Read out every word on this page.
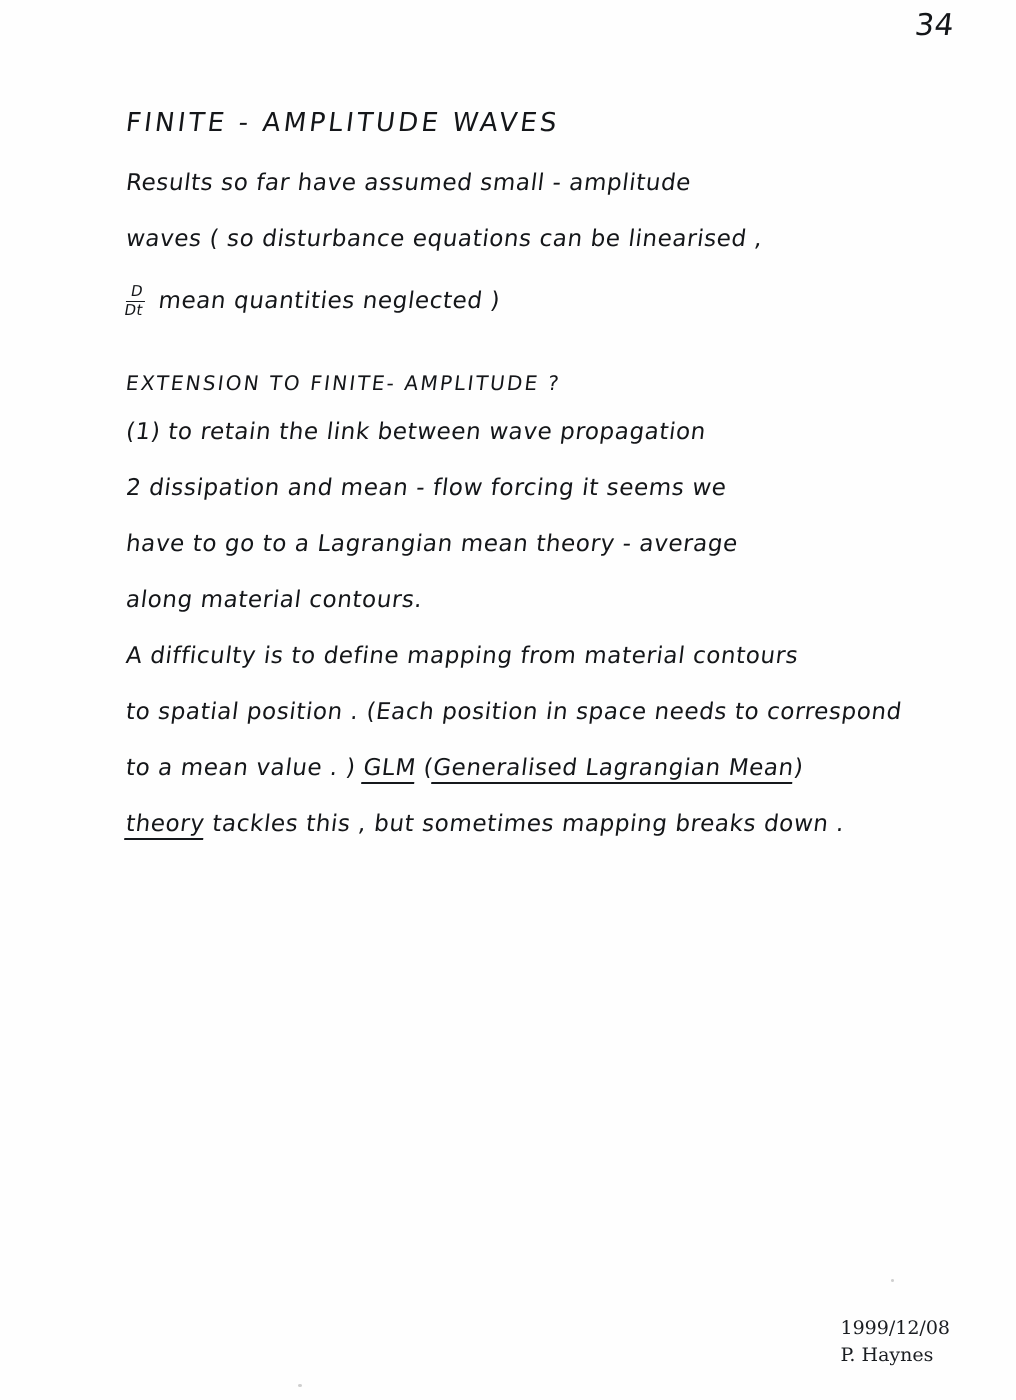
34
FINITE - AMPLITUDE WAVES
Results so far have assumed small - amplitude
waves ( so disturbance equations can be linearised ,
$\frac{D}{Dt}$ mean quantities neglected )
EXTENSION TO FINITE- AMPLITUDE ?
(1) to retain the link between wave propagation
2 dissipation and mean - flow forcing it seems we
have to go to a Lagrangian mean theory - average
along material contours.
A difficulty is to define mapping from material contours
to spatial position . (Each position in space needs to correspond
to a mean value . ) GLM (Generalised Lagrangian Mean)
theory tackles this , but sometimes mapping breaks down .
1999/12/08
P. Haynes
